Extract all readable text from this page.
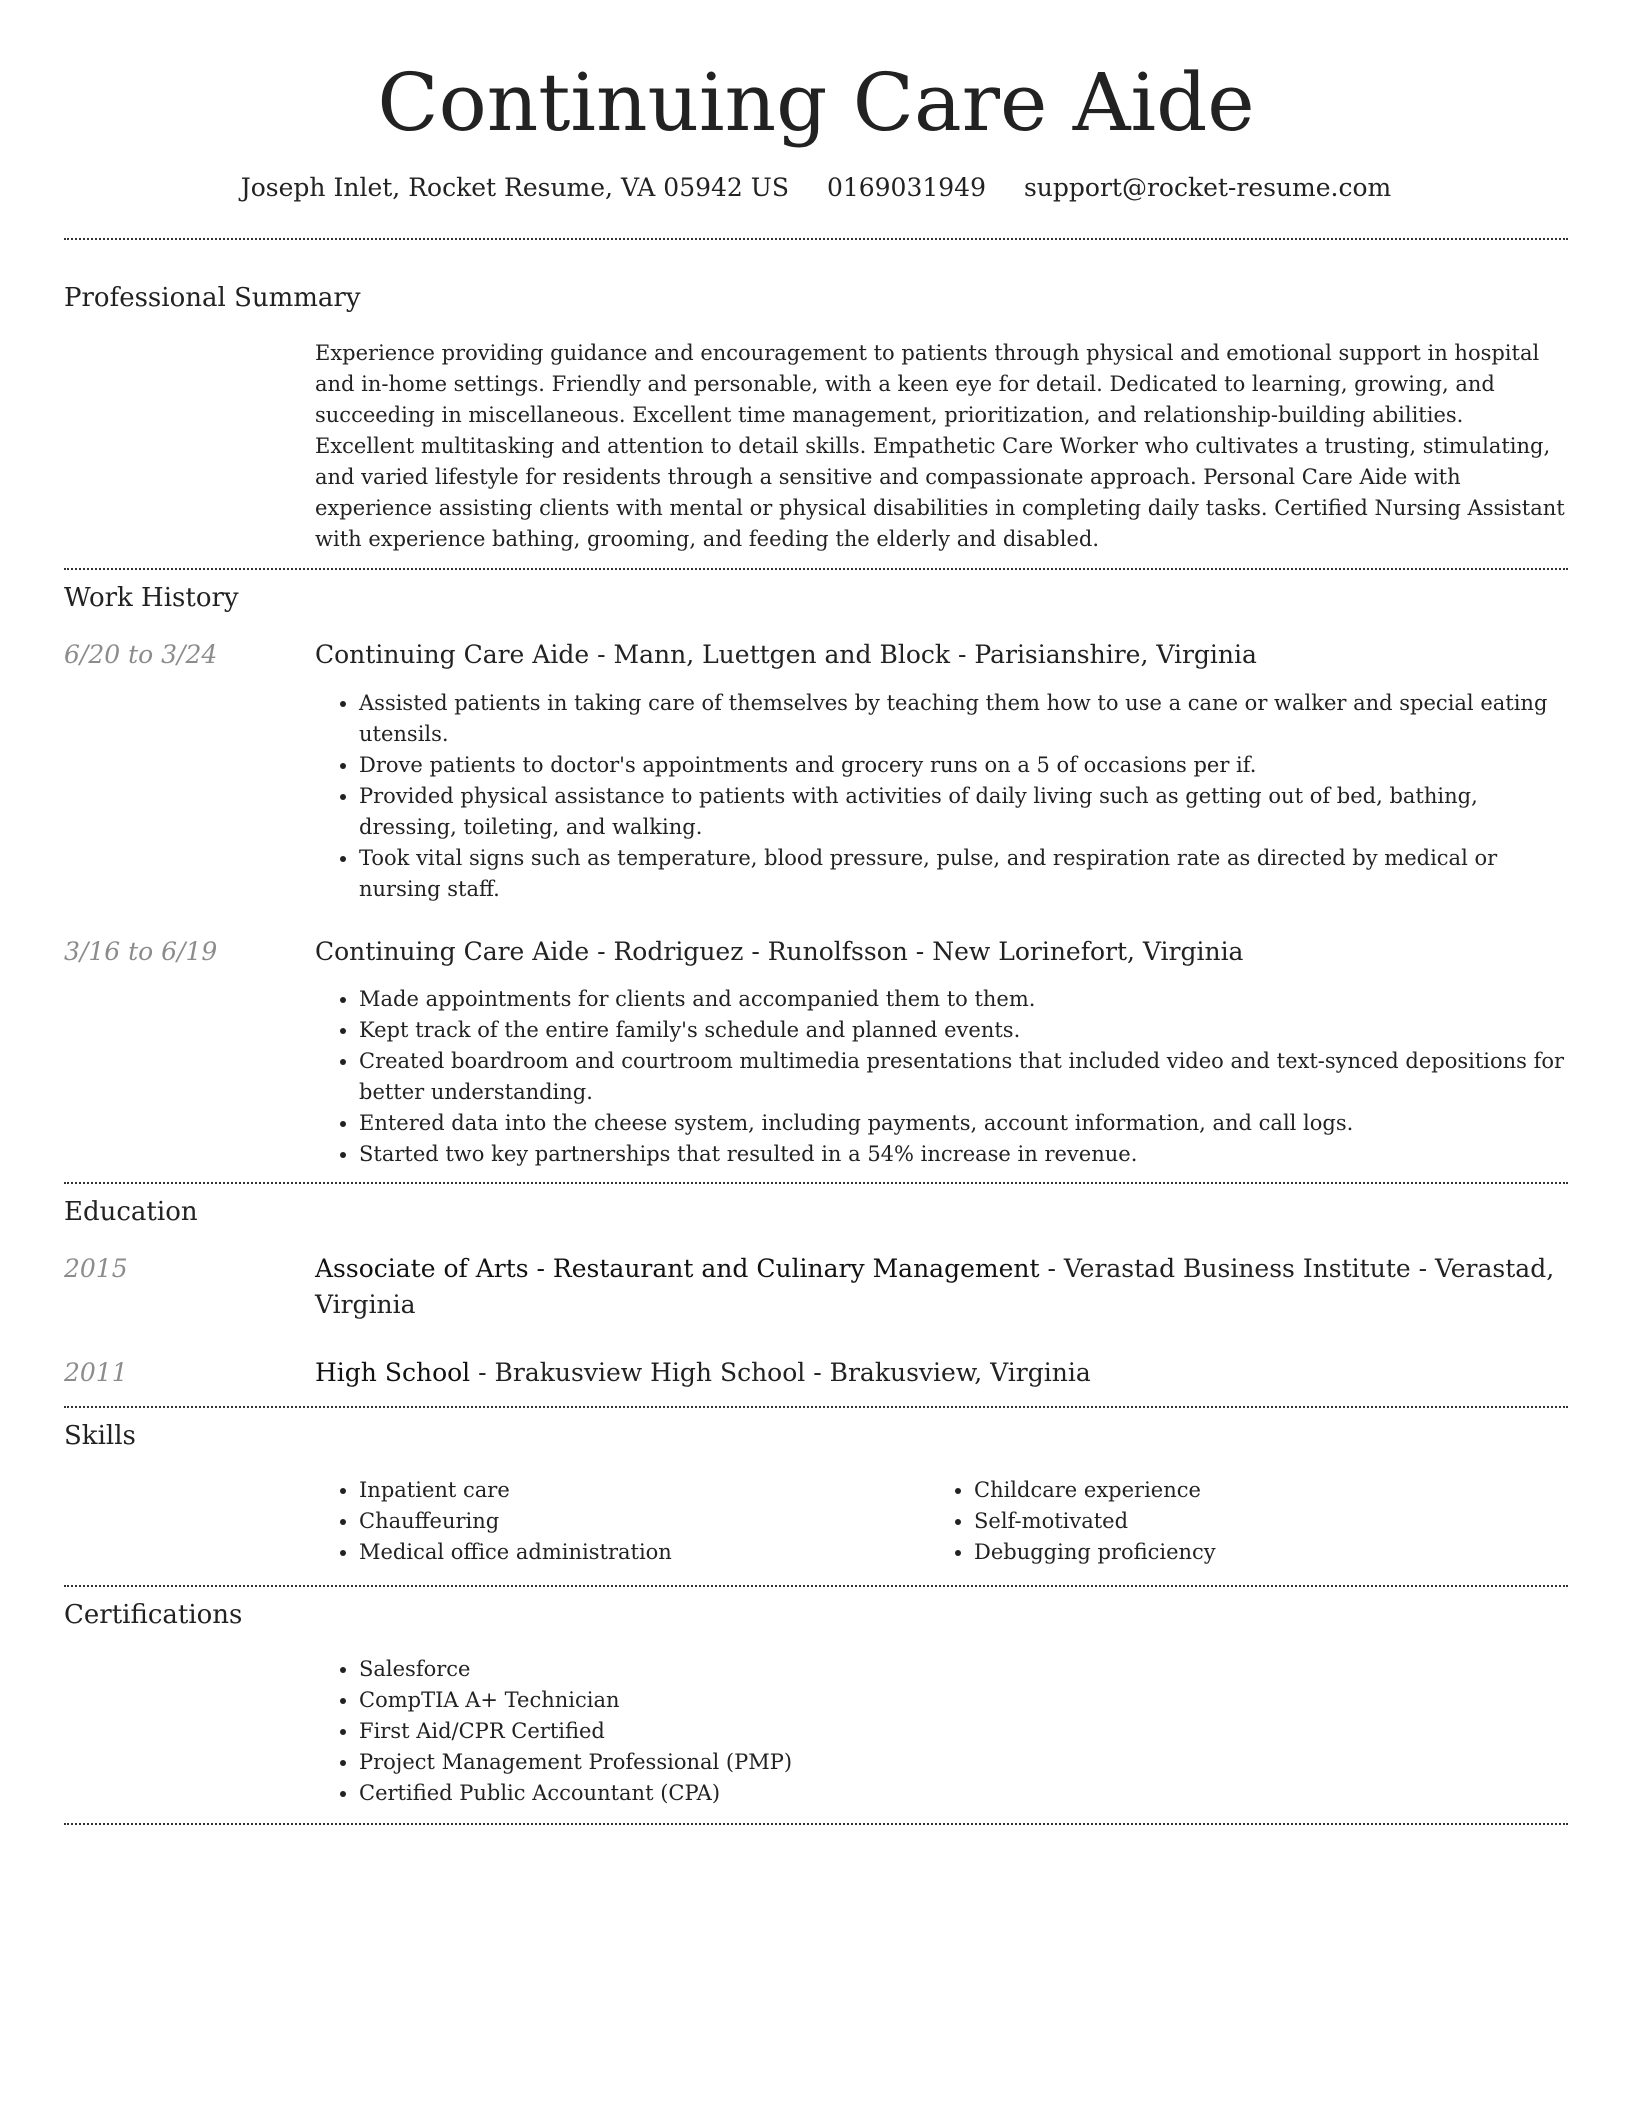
Continuing Care Aide
Joseph Inlet, Rocket Resume, VA 05942 US 0169031949 support@rocket-resume.com
Professional Summary
Experience providing guidance and encouragement to patients through physical and emotional support in hospital and in-home settings. Friendly and personable, with a keen eye for detail. Dedicated to learning, growing, and succeeding in miscellaneous. Excellent time management, prioritization, and relationship-building abilities. Excellent multitasking and attention to detail skills. Empathetic Care Worker who cultivates a trusting, stimulating, and varied lifestyle for residents through a sensitive and compassionate approach. Personal Care Aide with experience assisting clients with mental or physical disabilities in completing daily tasks. Certified Nursing Assistant with experience bathing, grooming, and feeding the elderly and disabled.
Work History
6/20 to 3/24	Continuing Care Aide - Mann, Luettgen and Block - Parisianshire, Virginia
• Assisted patients in taking care of themselves by teaching them how to use a cane or walker and special eating utensils.
• Drove patients to doctor's appointments and grocery runs on a 5 of occasions per if.
• Provided physical assistance to patients with activities of daily living such as getting out of bed, bathing, dressing, toileting, and walking.
• Took vital signs such as temperature, blood pressure, pulse, and respiration rate as directed by medical or nursing staff.
3/16 to 6/19	Continuing Care Aide - Rodriguez - Runolfsson - New Lorinefort, Virginia
• Made appointments for clients and accompanied them to them.
• Kept track of the entire family's schedule and planned events.
• Created boardroom and courtroom multimedia presentations that included video and text-synced depositions for better understanding.
• Entered data into the cheese system, including payments, account information, and call logs.
• Started two key partnerships that resulted in a 54% increase in revenue.
Education
2015	Associate of Arts - Restaurant and Culinary Management - Verastad Business Institute - Verastad, Virginia
2011	High School - Brakusview High School - Brakusview, Virginia
Skills
• Inpatient care
• Chauffeuring
• Medical office administration
• Childcare experience
• Self-motivated
• Debugging proficiency
Certifications
• Salesforce
• CompTIA A+ Technician
• First Aid/CPR Certified
• Project Management Professional (PMP)
• Certified Public Accountant (CPA)
